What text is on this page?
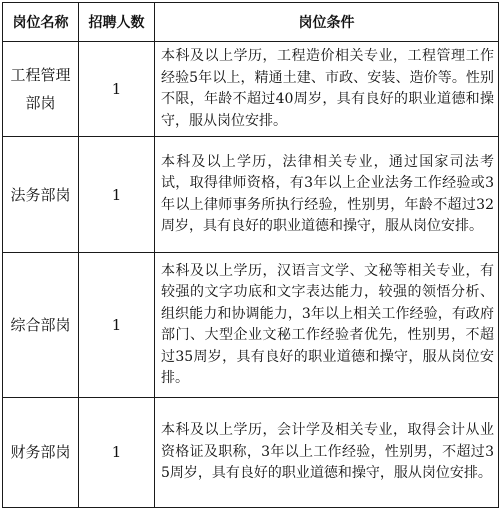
岗位名称	招聘人数	岗位条件
工程管理部岗	1	本科及以上学历，工程造价相关专业，工程管理工作经验5年以上，精通土建、市政、安装、造价等。性别不限，年龄不超过40周岁，具有良好的职业道德和操守，服从岗位安排。
法务部岗	1	本科及以上学历，法律相关专业，通过国家司法考试，取得律师资格，有3年以上企业法务工作经验或3年以上律师事务所执行经验，性别男，年龄不超过32周岁，具有良好的职业道德和操守，服从岗位安排。
综合部岗	1	本科及以上学历，汉语言文学、文秘等相关专业，有较强的文字功底和文字表达能力，较强的领悟分析、组织能力和协调能力，3年以上相关工作经验，有政府部门、大型企业文秘工作经验者优先，性别男，不超过35周岁，具有良好的职业道德和操守，服从岗位安排。
财务部岗	1	本科及以上学历，会计学及相关专业，取得会计从业资格证及职称，3年以上工作经验，性别男，不超过35周岁，具有良好的职业道德和操守，服从岗位安排。
